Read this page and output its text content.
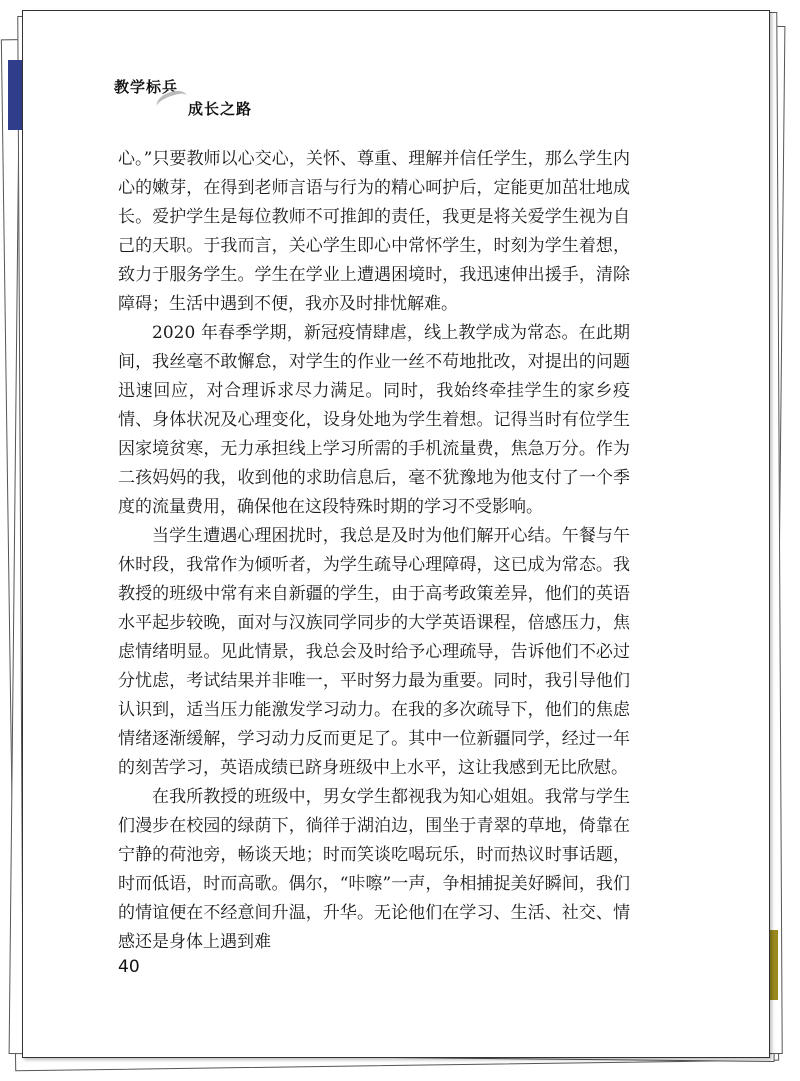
教学标兵
成长之路

心。”只要教师以心交心，关怀、尊重、理解并信任学生，那么学生内心的嫩芽，在得到老师言语与行为的精心呵护后，定能更加茁壮地成长。爱护学生是每位教师不可推卸的责任，我更是将关爱学生视为自己的天职。于我而言，关心学生即心中常怀学生，时刻为学生着想，致力于服务学生。学生在学业上遭遇困境时，我迅速伸出援手，清除障碍；生活中遇到不便，我亦及时排忧解难。

2020 年春季学期，新冠疫情肆虐，线上教学成为常态。在此期间，我丝毫不敢懈怠，对学生的作业一丝不苟地批改，对提出的问题迅速回应，对合理诉求尽力满足。同时，我始终牵挂学生的家乡疫情、身体状况及心理变化，设身处地为学生着想。记得当时有位学生因家境贫寒，无力承担线上学习所需的手机流量费，焦急万分。作为二孩妈妈的我，收到他的求助信息后，毫不犹豫地为他支付了一个季度的流量费用，确保他在这段特殊时期的学习不受影响。

当学生遭遇心理困扰时，我总是及时为他们解开心结。午餐与午休时段，我常作为倾听者，为学生疏导心理障碍，这已成为常态。我教授的班级中常有来自新疆的学生，由于高考政策差异，他们的英语水平起步较晚，面对与汉族同学同步的大学英语课程，倍感压力，焦虑情绪明显。见此情景，我总会及时给予心理疏导，告诉他们不必过分忧虑，考试结果并非唯一，平时努力最为重要。同时，我引导他们认识到，适当压力能激发学习动力。在我的多次疏导下，他们的焦虑情绪逐渐缓解，学习动力反而更足了。其中一位新疆同学，经过一年的刻苦学习，英语成绩已跻身班级中上水平，这让我感到无比欣慰。

在我所教授的班级中，男女学生都视我为知心姐姐。我常与学生们漫步在校园的绿荫下，徜徉于湖泊边，围坐于青翠的草地，倚靠在宁静的荷池旁，畅谈天地；时而笑谈吃喝玩乐，时而热议时事话题，时而低语，时而高歌。偶尔，“咔嚓”一声，争相捕捉美好瞬间，我们的情谊便在不经意间升温，升华。无论他们在学习、生活、社交、情感还是身体上遇到难

40
